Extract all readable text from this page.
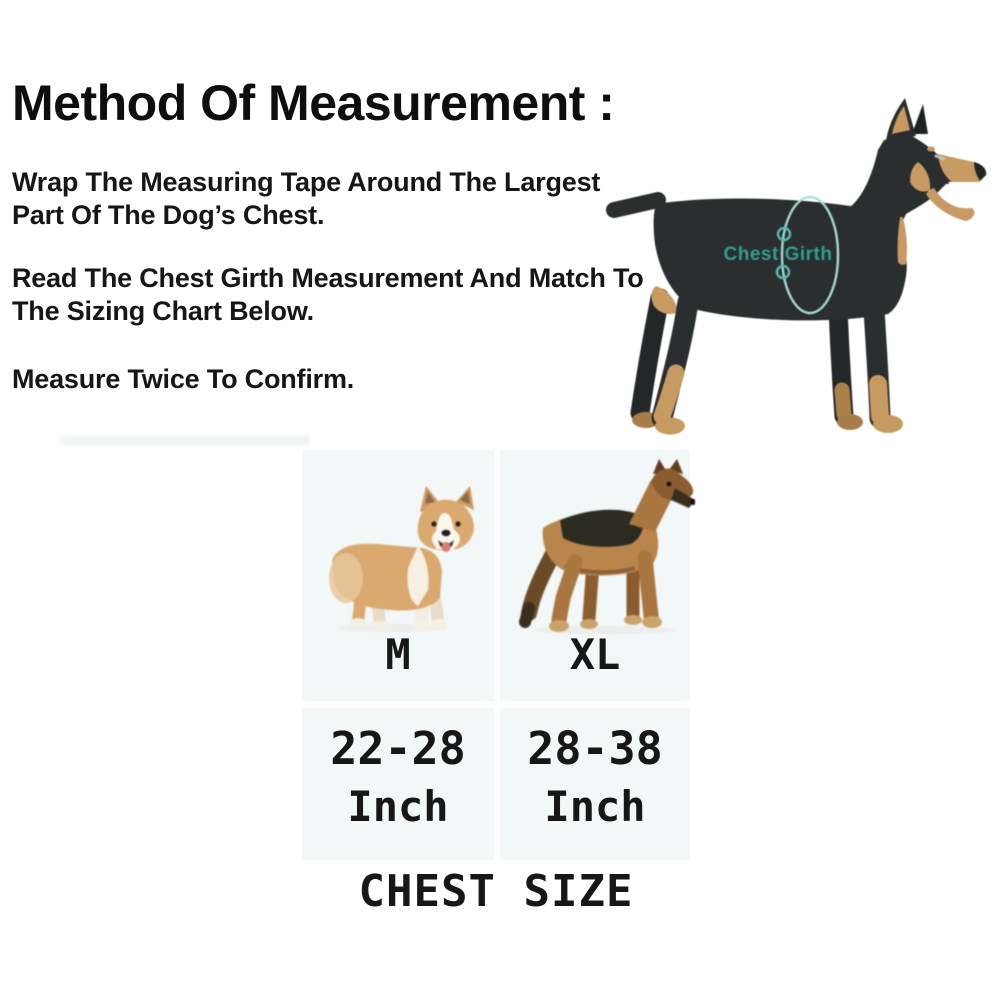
Method Of Measurement :
Wrap The Measuring Tape Around The Largest Part Of The Dog’s Chest.
Read The Chest Girth Measurement And Match To The Sizing Chart Below.
Measure Twice To Confirm.
Chest Girth
M	XL
22-28	28-38
Inch	Inch
CHEST SIZE
